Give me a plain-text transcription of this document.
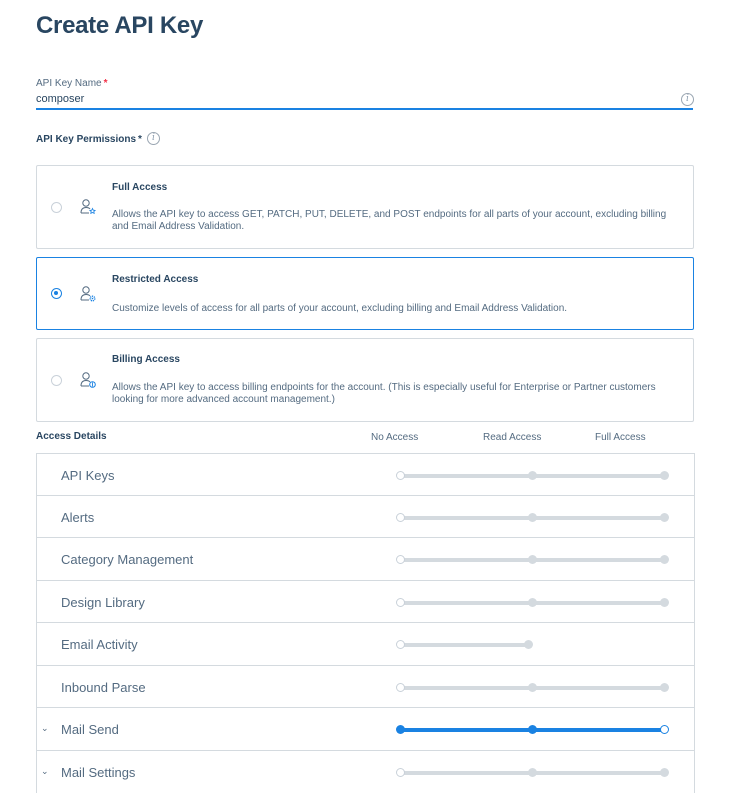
Create API Key
API Key Name *
composer
i
API Key Permissions *	i
Full Access
Allows the API key to access GET, PATCH, PUT, DELETE, and POST endpoints for all parts of your account, excluding billing and Email Address Validation.
Restricted Access
Customize levels of access for all parts of your account, excluding billing and Email Address Validation.
Billing Access
Allows the API key to access billing endpoints for the account. (This is especially useful for Enterprise or Partner customers looking for more advanced account management.)
Access Details	No Access	Read Access	Full Access
API Keys
Alerts
Category Management
Design Library
Email Activity
Inbound Parse
⌄ Mail Send
⌄ Mail Settings
